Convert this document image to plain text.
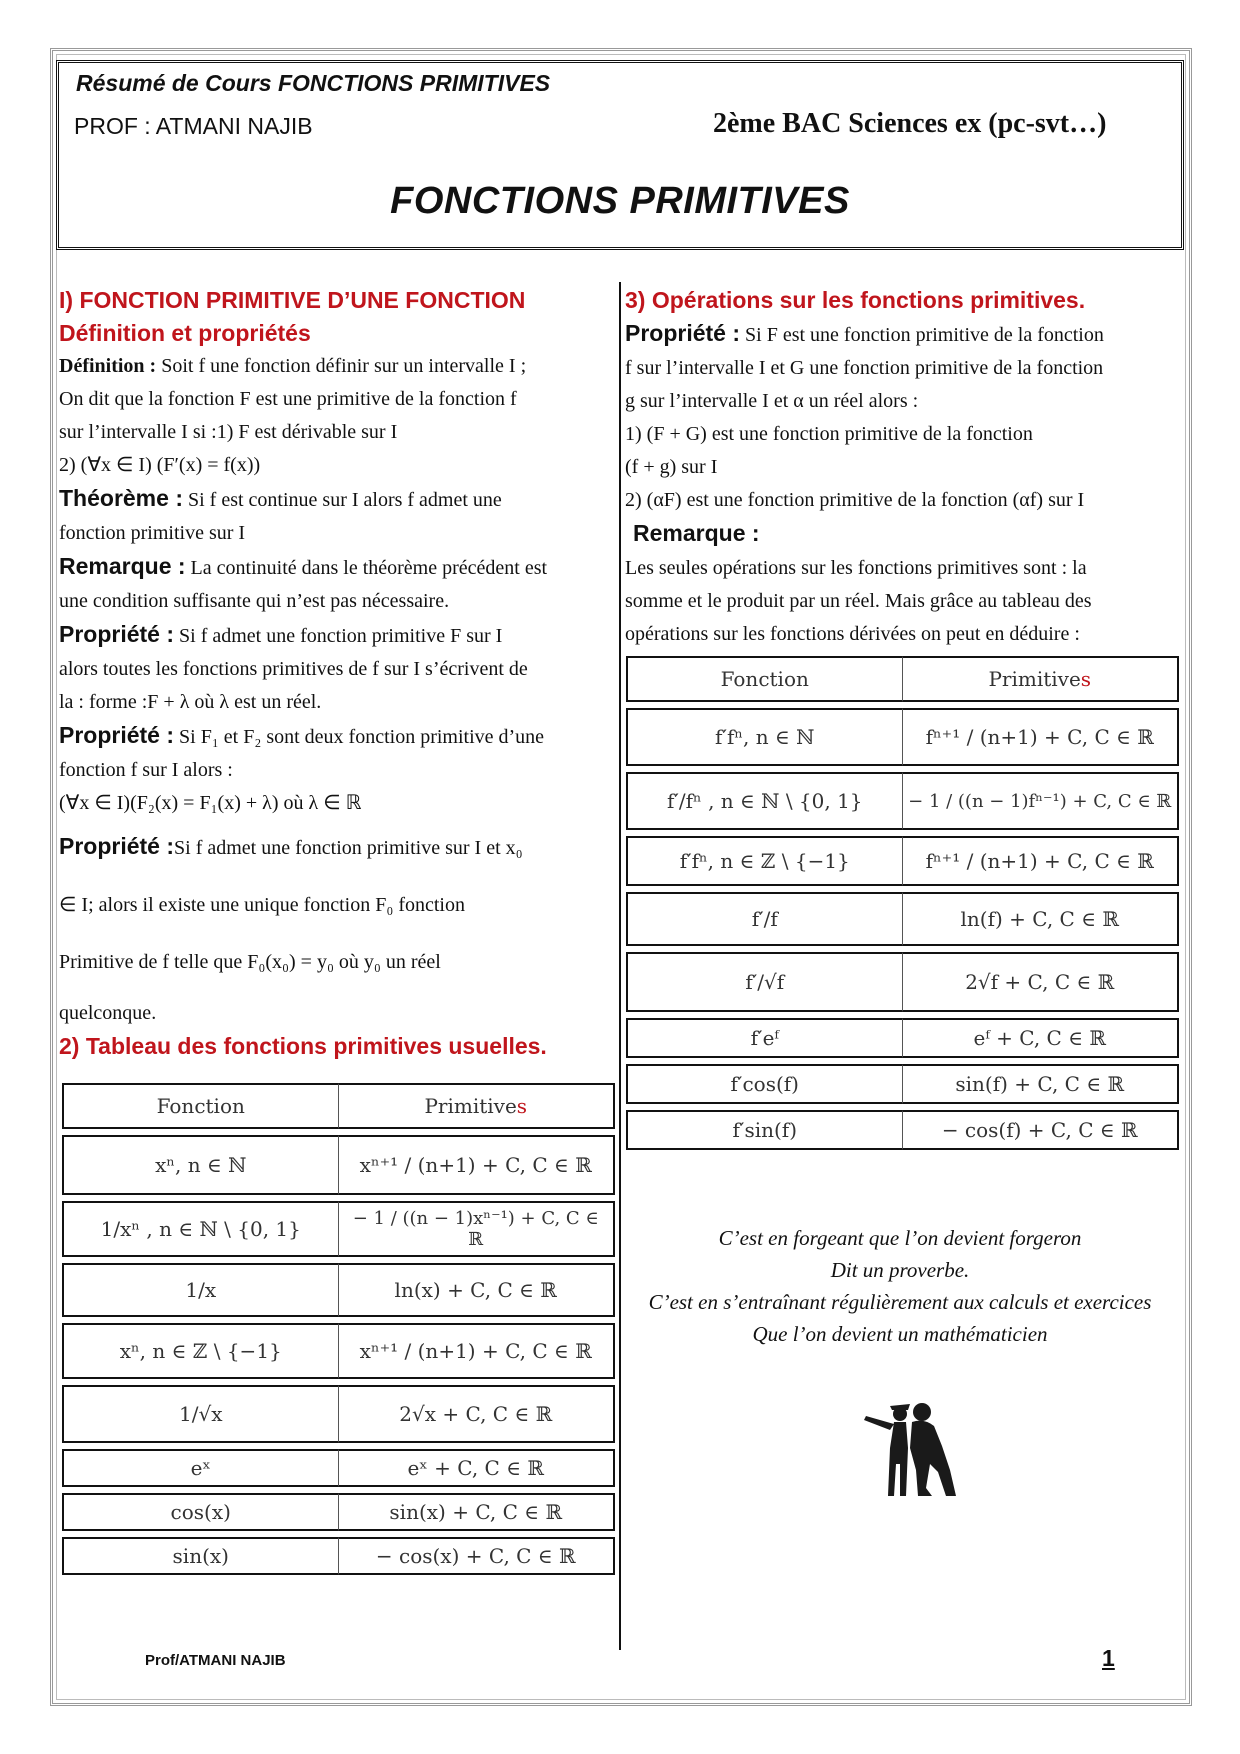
Résumé de Cours FONCTIONS PRIMITIVES
PROF : ATMANI NAJIB	2ème BAC Sciences ex (pc-svt…)
FONCTIONS PRIMITIVES
I) FONCTION PRIMITIVE D’UNE FONCTION
Définition et propriétés
Définition : Soit f une fonction définir sur un intervalle I ;
On dit que la fonction F est une primitive de la fonction f
sur l’intervalle I si :1) F est dérivable sur I
2) (∀x ∈ I) (F′(x) = f(x))
Théorème : Si f est continue sur I alors f admet une
fonction primitive sur I
Remarque : La continuité dans le théorème précédent est
une condition suffisante qui n’est pas nécessaire.
Propriété : Si f admet une fonction primitive F sur I
alors toutes les fonctions primitives de f sur I s’écrivent de
la : forme :F + λ où λ est un réel.
Propriété : Si F₁ et F₂ sont deux fonction primitive d’une
fonction f sur I alors :
(∀x ∈ I)(F₂(x) = F₁(x) + λ) où λ ∈ ℝ
Propriété :Si f admet une fonction primitive sur I et x₀

∈ I; alors il existe une unique fonction F₀ fonction

Primitive de f telle que F₀(x₀) = y₀ où y₀ un réel

quelconque.
2) Tableau des fonctions primitives usuelles.
Fonction	Primitives
xⁿ, n ∈ ℕ	xⁿ⁺¹ / (n+1) + C, C ∈ ℝ
1/xⁿ , n ∈ ℕ \ {0, 1}	− 1 / ((n − 1)xⁿ⁻¹) + C, C ∈ ℝ
1/x	ln(x) + C, C ∈ ℝ
xⁿ, n ∈ ℤ \ {−1}	xⁿ⁺¹ / (n+1) + C, C ∈ ℝ
1/√x	2√x + C, C ∈ ℝ
eˣ	eˣ + C, C ∈ ℝ
cos(x)	sin(x) + C, C ∈ ℝ
sin(x)	− cos(x) + C, C ∈ ℝ
3) Opérations sur les fonctions primitives.
Propriété : Si F est une fonction primitive de la fonction
f sur l’intervalle I et G une fonction primitive de la fonction
g sur l’intervalle I et α un réel alors :
1) (F + G) est une fonction primitive de la fonction
(f + g) sur I
2) (αF) est une fonction primitive de la fonction (αf) sur I
Remarque :
Les seules opérations sur les fonctions primitives sont : la
somme et le produit par un réel. Mais grâce au tableau des
opérations sur les fonctions dérivées on peut en déduire :
Fonction	Primitives
f′fⁿ, n ∈ ℕ	fⁿ⁺¹ / (n+1) + C, C ∈ ℝ
f′/fⁿ , n ∈ ℕ \ {0, 1}	− 1 / ((n − 1)fⁿ⁻¹) + C, C ∈ ℝ
f′fⁿ, n ∈ ℤ \ {−1}	fⁿ⁺¹ / (n+1) + C, C ∈ ℝ
f′/f	ln(f) + C, C ∈ ℝ
f′/√f	2√f + C, C ∈ ℝ
f′eᶠ	eᶠ + C, C ∈ ℝ
f′cos(f)	sin(f) + C, C ∈ ℝ
f′sin(f)	− cos(f) + C, C ∈ ℝ
C’est en forgeant que l’on devient forgeron
Dit un proverbe.
C’est en s’entraînant régulièrement aux calculs et exercices
Que l’on devient un mathématicien
Prof/ATMANI NAJIB	1
